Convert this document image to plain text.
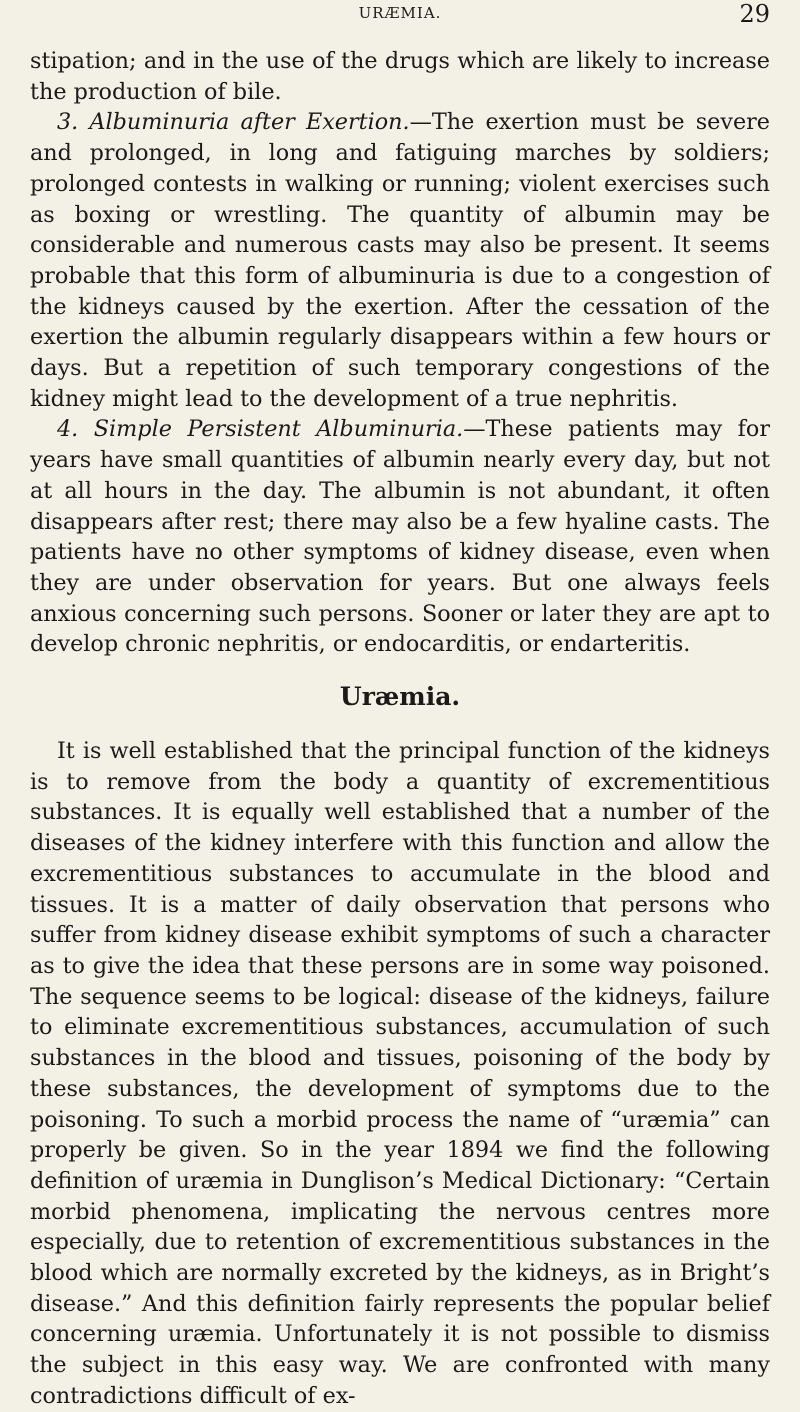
URÆMIA.	29

stipation; and in the use of the drugs which are likely to increase the production of bile.

3. Albuminuria after Exertion.—The exertion must be severe and prolonged, in long and fatiguing marches by soldiers; prolonged contests in walking or running; violent exercises such as boxing or wrestling. The quantity of albumin may be considerable and numerous casts may also be present. It seems probable that this form of albuminuria is due to a congestion of the kidneys caused by the exertion. After the cessation of the exertion the albumin regularly disappears within a few hours or days. But a repetition of such temporary congestions of the kidney might lead to the development of a true nephritis.

4. Simple Persistent Albuminuria.—These patients may for years have small quantities of albumin nearly every day, but not at all hours in the day. The albumin is not abundant, it often disappears after rest; there may also be a few hyaline casts. The patients have no other symptoms of kidney disease, even when they are under observation for years. But one always feels anxious concerning such persons. Sooner or later they are apt to develop chronic nephritis, or endocarditis, or endarteritis.

Uræmia.

It is well established that the principal function of the kidneys is to remove from the body a quantity of excrementitious substances. It is equally well established that a number of the diseases of the kidney interfere with this function and allow the excrementitious substances to accumulate in the blood and tissues. It is a matter of daily observation that persons who suffer from kidney disease exhibit symptoms of such a character as to give the idea that these persons are in some way poisoned. The sequence seems to be logical: disease of the kidneys, failure to eliminate excrementitious substances, accumulation of such substances in the blood and tissues, poisoning of the body by these substances, the development of symptoms due to the poisoning. To such a morbid process the name of “uræmia” can properly be given. So in the year 1894 we find the following definition of uræmia in Dunglison’s Medical Dictionary: “Certain morbid phenomena, implicating the nervous centres more especially, due to retention of excrementitious substances in the blood which are normally excreted by the kidneys, as in Bright’s disease.” And this definition fairly represents the popular belief concerning uræmia. Unfortunately it is not possible to dismiss the subject in this easy way. We are confronted with many contradictions difficult of ex-
